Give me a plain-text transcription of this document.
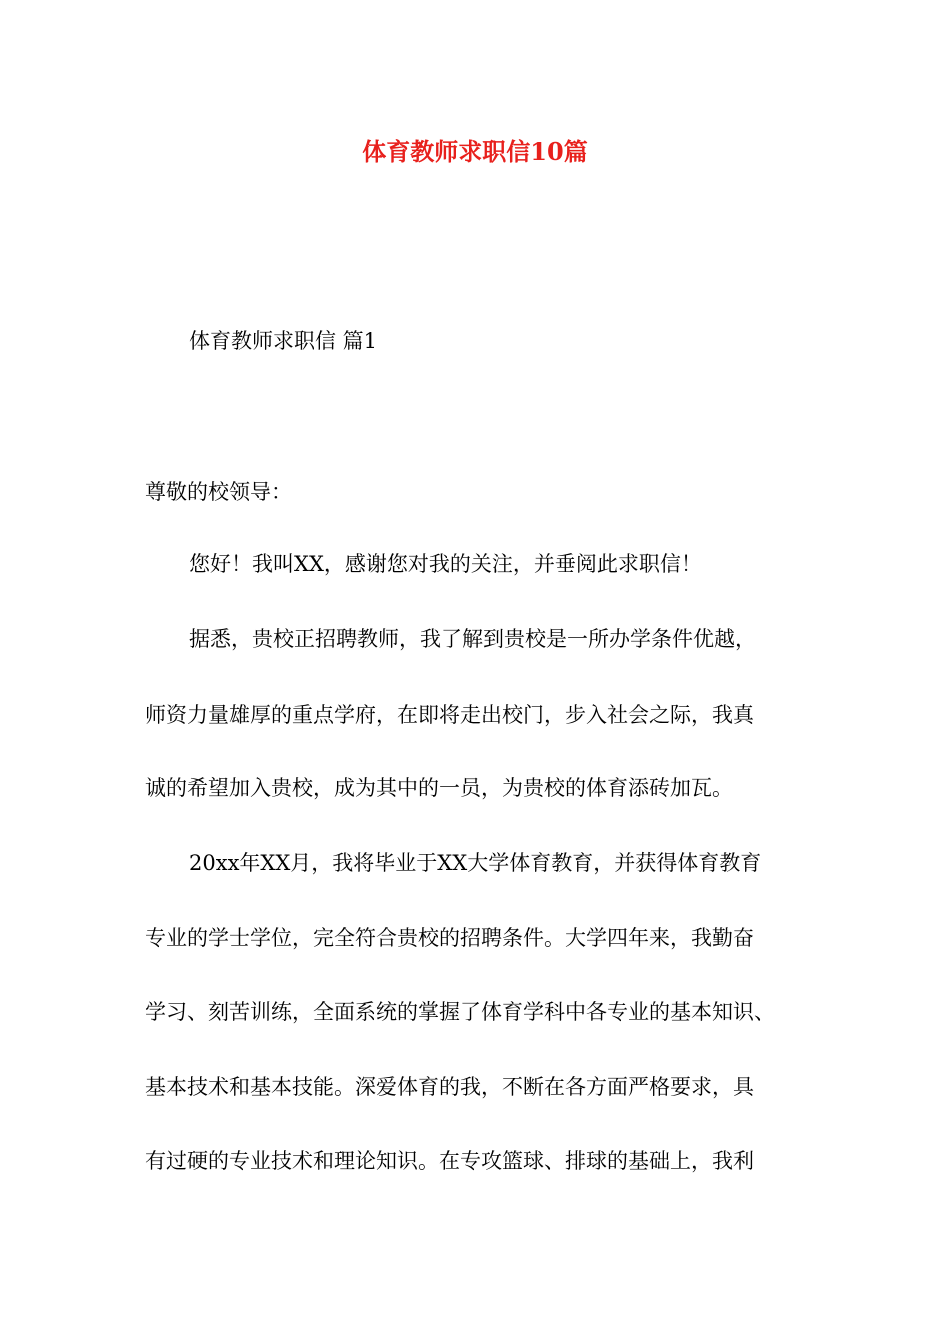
体育教师求职信10篇

体育教师求职信 篇1

尊敬的校领导：

您好！我叫XX，感谢您对我的关注，并垂阅此求职信！

据悉，贵校正招聘教师，我了解到贵校是一所办学条件优越，

师资力量雄厚的重点学府，在即将走出校门，步入社会之际，我真

诚的希望加入贵校，成为其中的一员，为贵校的体育添砖加瓦。

20xx年XX月，我将毕业于XX大学体育教育，并获得体育教育

专业的学士学位，完全符合贵校的招聘条件。大学四年来，我勤奋

学习、刻苦训练，全面系统的掌握了体育学科中各专业的基本知识、

基本技术和基本技能。深爱体育的我，不断在各方面严格要求，具

有过硬的专业技术和理论知识。在专攻篮球、排球的基础上，我利
